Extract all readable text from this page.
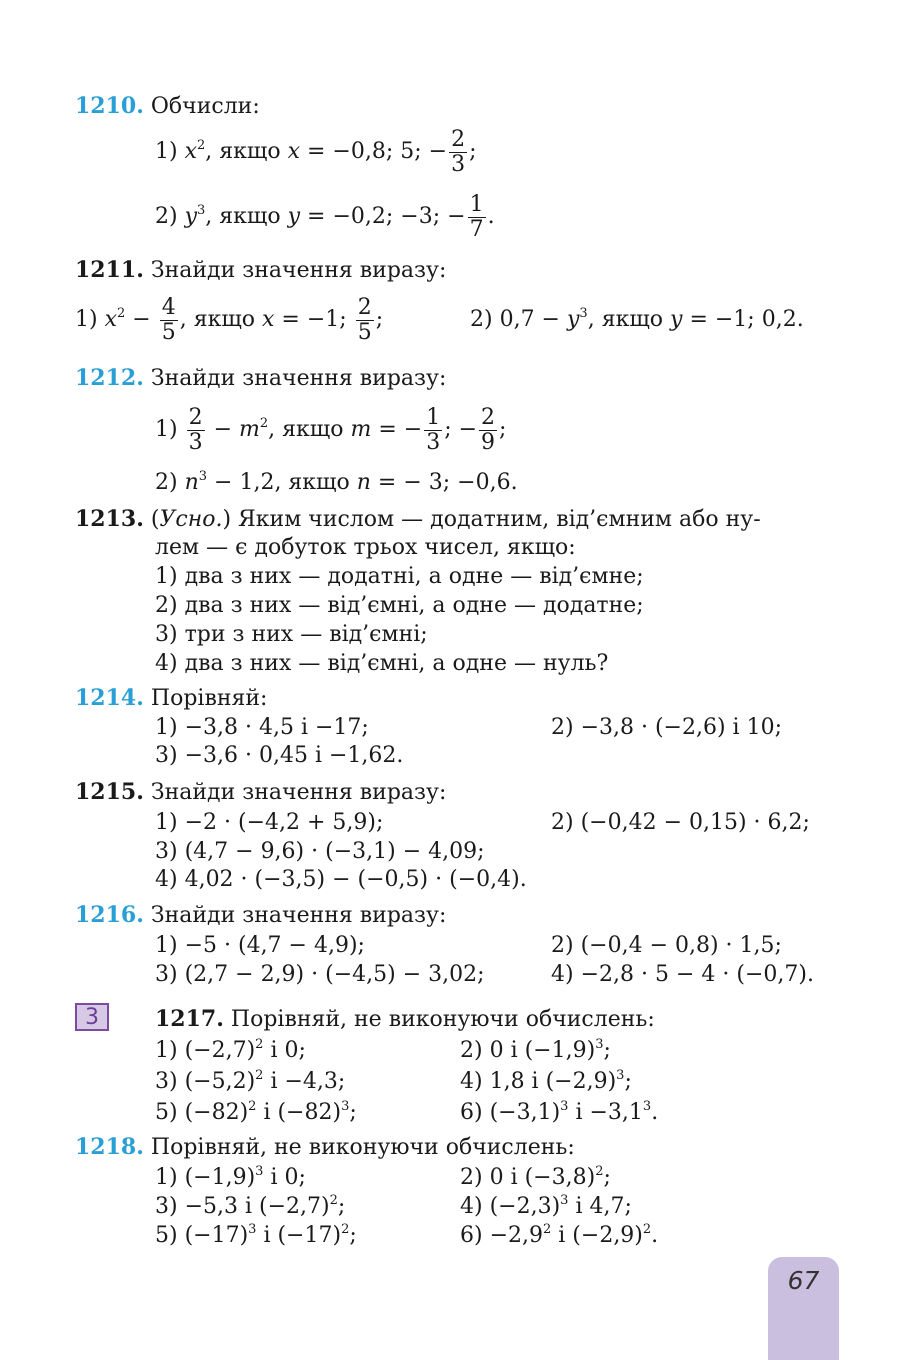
1210. Обчисли:
1) $x^2$, якщо x = −0,8; 5; − $\frac{2}{3}$ ;
2) $y^3$, якщо y = −0,2; −3; − $\frac{1}{7}$ .
1211. Знайди значення виразу:
1) $x^2 - \frac{4}{5}$ , якщо x = −1; $\frac{2}{5}$ ;	2) $0,7 - y^3$, якщо y = −1; 0,2.
1212. Знайди значення виразу:
$1) \frac{2}{3} - m^2$, якщо m = − $\frac{1}{3}$ ; − $\frac{2}{9}$ ;
2) $n^3 - 1,2$, якщо n = − 3; −0,6.
1213. (Усно.) Яким числом — додатним, від’ємним або ну-
лем — є добуток трьох чисел, якщо:
1) два з них — додатні, а одне — від’ємне;
2) два з них — від’ємні, а одне — додатне;
3) три з них — від’ємні;
4) два з них — від’ємні, а одне — нуль?
1214. Порівняй:
1) −3,8 · 4,5 і −17;	2) −3,8 · (−2,6) і 10;
3) −3,6 · 0,45 і −1,62.
1215. Знайди значення виразу:
1) −2 · (−4,2 + 5,9);	2) (−0,42 − 0,15) · 6,2;
3) (4,7 − 9,6) · (−3,1) − 4,09;
4) 4,02 · (−3,5) − (−0,5) · (−0,4).
1216. Знайди значення виразу:
1) −5 · (4,7 − 4,9);	2) (−0,4 − 0,8) · 1,5;
3) (2,7 − 2,9) · (−4,5) − 3,02;	4) −2,8 · 5 − 4 · (−0,7).
3	1217. Порівняй, не виконуючи обчислень:
1) $(-2,7)^2$ і 0;	2) 0 і $(-1,9)^3$;
3) $(-5,2)^2$ і −4,3;	4) 1,8 і $(-2,9)^3$;
5) $(-82)^2$ і $(-82)^3$;	6) $(-3,1)^3$ $і -3,1^3$.
1218. Порівняй, не виконуючи обчислень:
1) $(-1,9)^3$ і 0;	2) 0 і $(-3,8)^2$;
3) −5,3 і $(-2,7)^2$;	4) $(-2,3)^3$ і 4,7;
5) $(-17)^3$ і $(-17)^2$;	$6) -2,9^2$ і $(-2,9)^2$.
67
